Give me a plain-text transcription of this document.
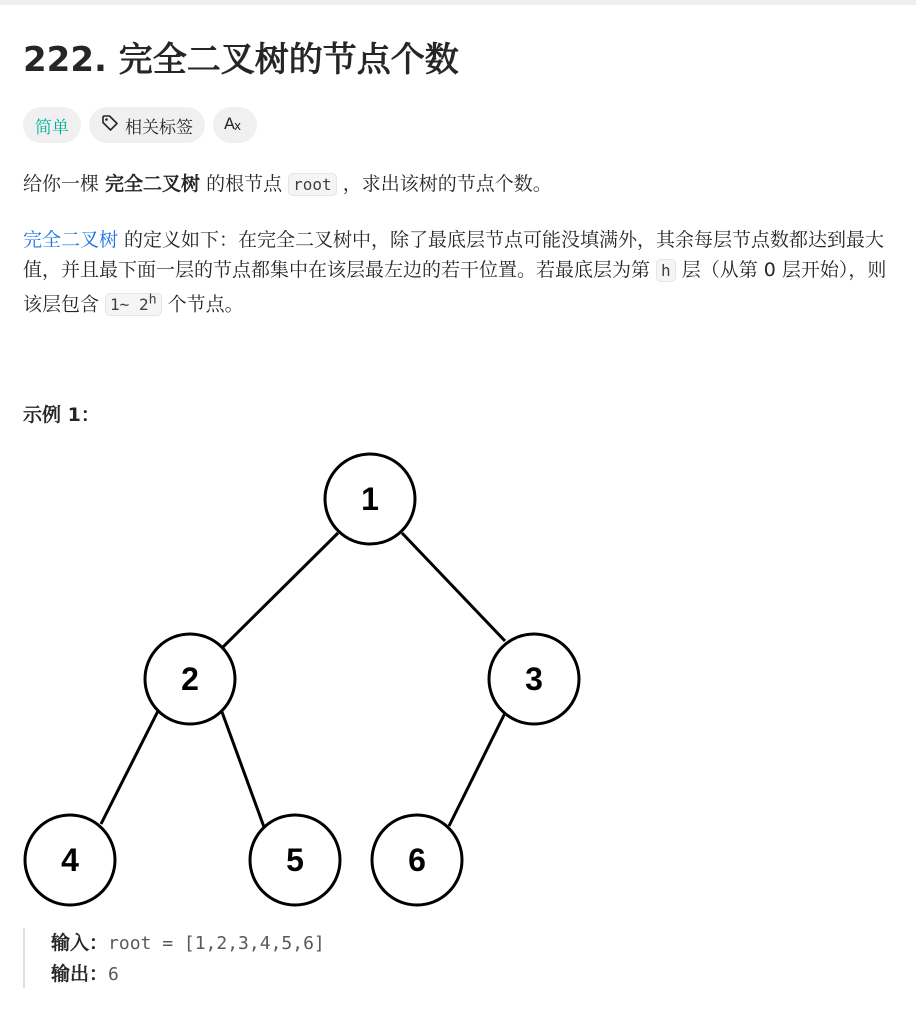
222. 完全二叉树的节点个数
简单	相关标签 A x

给你一棵 完全二叉树 的根节点 root ，求出该树的节点个数。

完全二叉树 的定义如下：在完全二叉树中，除了最底层节点可能没填满外，其余每层节点数都达到最大值，并且最下面一层的节点都集中在该层最左边的若干位置。若最底层为第 h 层（从第 0 层开始），则该层包含 1~ 2$^h$ 个节点。

示例 1：

1
2	3
4	5	6
输入：root = [1,2,3,4,5,6]
输出：6
